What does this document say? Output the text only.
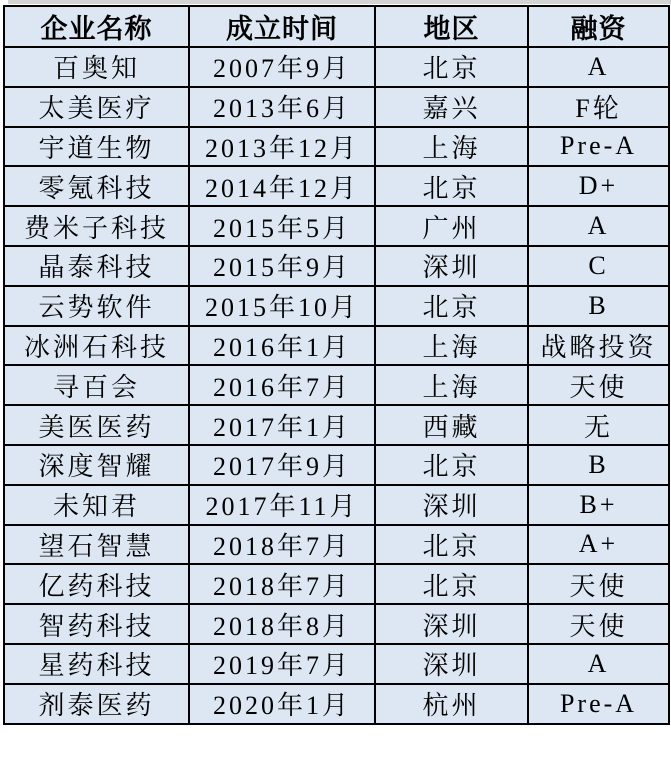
企业名称	成立时间	地区	融资
百奥知	2007年9月	北京	A
太美医疗	2013年6月	嘉兴	F轮
宇道生物	2013年12月	上海	Pre-A
零氪科技	2014年12月	北京	D+
费米子科技	2015年5月	广州	A
晶泰科技	2015年9月	深圳	C
云势软件	2015年10月	北京	B
冰洲石科技	2016年1月	上海	战略投资
寻百会	2016年7月	上海	天使
美医医药	2017年1月	西藏	无
深度智耀	2017年9月	北京	B
未知君	2017年11月	深圳	B+
望石智慧	2018年7月	北京	A+
亿药科技	2018年7月	北京	天使
智药科技	2018年8月	深圳	天使
星药科技	2019年7月	深圳	A
剂泰医药	2020年1月	杭州	Pre-A
